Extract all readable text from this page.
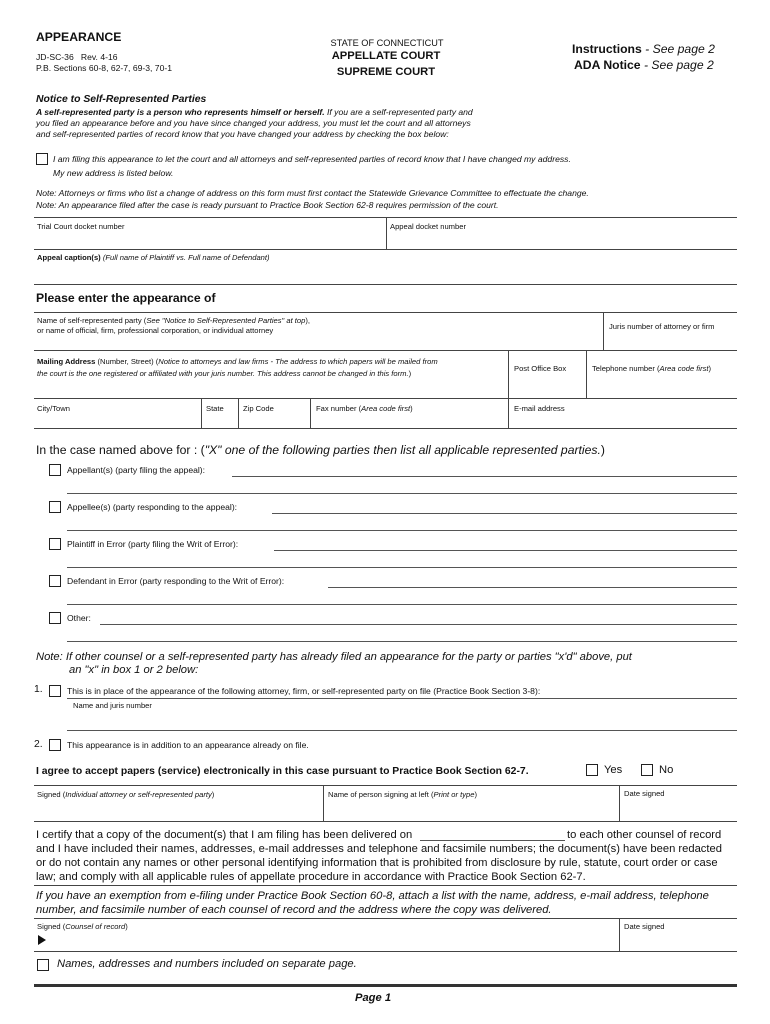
APPEARANCE
JD-SC-36 Rev. 4-16
P.B. Sections 60-8, 62-7, 69-3, 70-1
STATE OF CONNECTICUT
APPELLATE COURT
SUPREME COURT
Instructions - See page 2
ADA Notice - See page 2
Notice to Self-Represented Parties
A self-represented party is a person who represents himself or herself. If you are a self-represented party and
you filed an appearance before and you have since changed your address, you must let the court and all attorneys
and self-represented parties of record know that you have changed your address by checking the box below:
I am filing this appearance to let the court and all attorneys and self-represented parties of record know that I have changed my address.
My new address is listed below.
Note: Attorneys or firms who list a change of address on this form must first contact the Statewide Grievance Committee to effectuate the change.
Note: An appearance filed after the case is ready pursuant to Practice Book Section 62-8 requires permission of the court.
Trial Court docket number	Appeal docket number
Appeal caption(s) (Full name of Plaintiff vs. Full name of Defendant)
Please enter the appearance of
Name of self-represented party (See "Notice to Self-Represented Parties" at top),
or name of official, firm, professional corporation, or individual attorney	Juris number of attorney or firm
Mailing Address (Number, Street) (Notice to attorneys and law firms - The address to which papers will be mailed from
the court is the one registered or affiliated with your juris number. This address cannot be changed in this form.)
Post Office Box	Telephone number (Area code first)
City/Town	State	Zip Code	Fax number (Area code first)	E-mail address
In the case named above for : ("X" one of the following parties then list all applicable represented parties.)
Appellant(s) (party filing the appeal):
Appellee(s) (party responding to the appeal):
Plaintiff in Error (party filing the Writ of Error):
Defendant in Error (party responding to the Writ of Error):
Other:
Note: If other counsel or a self-represented party has already filed an appearance for the party or parties "x'd" above, put
an "x" in box 1 or 2 below:
1.	This is in place of the appearance of the following attorney, firm, or self-represented party on file (Practice Book Section 3-8):
Name and juris number
2.	This appearance is in addition to an appearance already on file.
I agree to accept papers (service) electronically in this case pursuant to Practice Book Section 62-7.	Yes	No
Signed (Individual attorney or self-represented party)	Name of person signing at left (Print or type)	Date signed
I certify that a copy of the document(s) that I am filing has been delivered on	to each other counsel of record
and I have included their names, addresses, e-mail addresses and telephone and facsimile numbers; the document(s) have been redacted
or do not contain any names or other personal identifying information that is prohibited from disclosure by rule, statute, court order or case
law; and comply with all applicable rules of appellate procedure in accordance with Practice Book Section 62-7.
If you have an exemption from e-filing under Practice Book Section 60-8, attach a list with the name, address, e-mail address, telephone
number, and facsimile number of each counsel of record and the address where the copy was delivered.
Signed (Counsel of record)	Date signed
Names, addresses and numbers included on separate page.
Page 1
